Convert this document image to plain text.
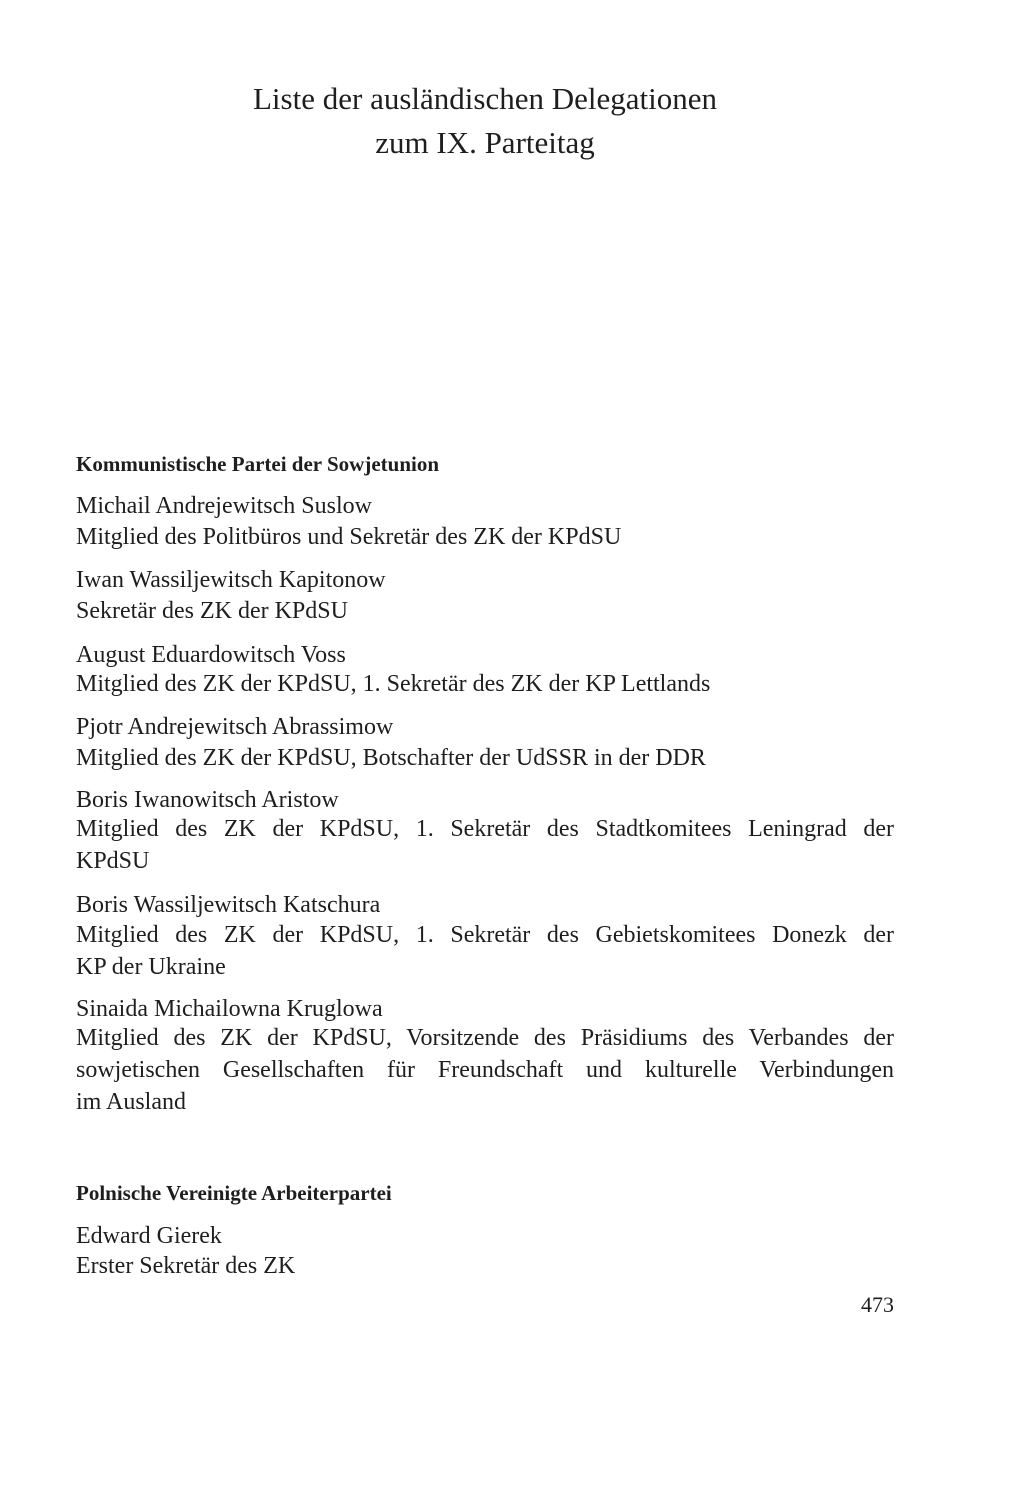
Liste der ausländischen Delegationen
zum IX. Parteitag
Kommunistische Partei der Sowjetunion

Michail Andrejewitsch Suslow

Mitglied des Politbüros und Sekretär des ZK der KPdSU

Iwan Wassiljewitsch Kapitonow

Sekretär des ZK der KPdSU

August Eduardowitsch Voss

Mitglied des ZK der KPdSU, 1. Sekretär des ZK der KP Lettlands

Pjotr Andrejewitsch Abrassimow

Mitglied des ZK der KPdSU, Botschafter der UdSSR in der DDR

Boris Iwanowitsch Aristow

Mitglied des ZK der KPdSU, 1. Sekretär des Stadtkomitees Leningrad der

KPdSU

Boris Wassiljewitsch Katschura

Mitglied des ZK der KPdSU, 1. Sekretär des Gebietskomitees Donezk der

KP der Ukraine

Sinaida Michailowna Kruglowa

Mitglied des ZK der KPdSU, Vorsitzende des Präsidiums des Verbandes der

sowjetischen Gesellschaften für Freundschaft und kulturelle Verbindungen

im Ausland

Polnische Vereinigte Arbeiterpartei

Edward Gierek

Erster Sekretär des ZK

473
